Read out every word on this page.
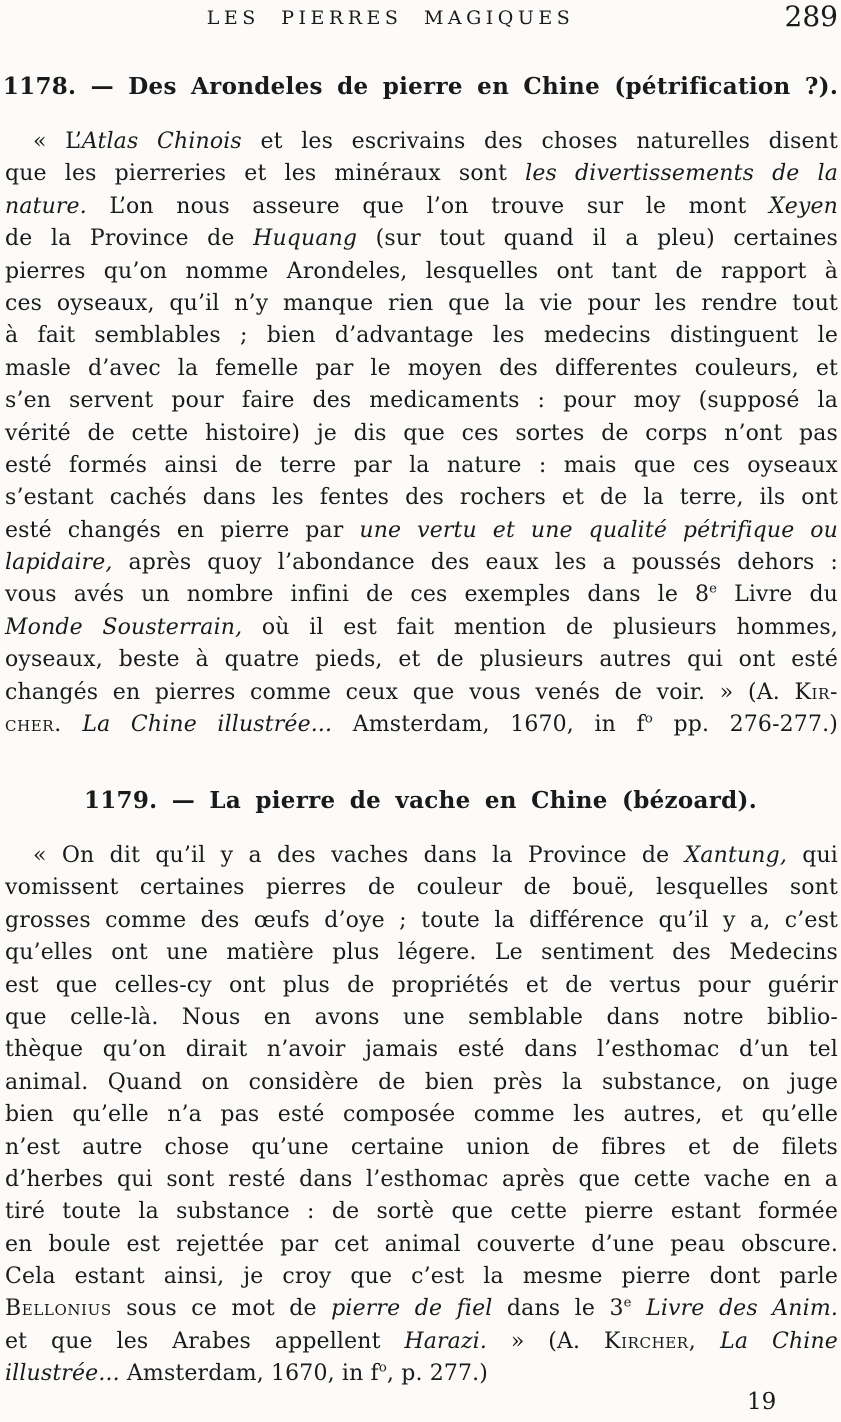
LES PIERRES MAGIQUES	289
1178. — Des Arondeles de pierre en Chine (pétrification ?).
« L’Atlas Chinois et les escrivains des choses naturelles disent
que les pierreries et les minéraux sont les divertissements de la
nature. L’on nous asseure que l’on trouve sur le mont Xeyen
de la Province de Huquang (sur tout quand il a pleu) certaines
pierres qu’on nomme Arondeles, lesquelles ont tant de rapport à
ces oyseaux, qu’il n’y manque rien que la vie pour les rendre tout
à fait semblables ; bien d’advantage les medecins distinguent le
masle d’avec la femelle par le moyen des differentes couleurs, et
s’en servent pour faire des medicaments : pour moy (supposé la
vérité de cette histoire) je dis que ces sortes de corps n’ont pas
esté formés ainsi de terre par la nature : mais que ces oyseaux
s’estant cachés dans les fentes des rochers et de la terre, ils ont
esté changés en pierre par une vertu et une qualité pétrifique ou
lapidaire, après quoy l’abondance des eaux les a poussés dehors :
vous avés un nombre infini de ces exemples dans le 8e Livre du
Monde Sousterrain, où il est fait mention de plusieurs hommes,
oyseaux, beste à quatre pieds, et de plusieurs autres qui ont esté
changés en pierres comme ceux que vous venés de voir. » (A. Kir-
cher. La Chine illustrée... Amsterdam, 1670, in $f^o$ pp. 276-277.)
1179. — La pierre de vache en Chine (bézoard).
« On dit qu’il y a des vaches dans la Province de Xantung, qui
vomissent certaines pierres de couleur de bouë, lesquelles sont
grosses comme des œufs d’oye ; toute la différence qu’il y a, c’est
qu’elles ont une matière plus légere. Le sentiment des Medecins
est que celles-cy ont plus de propriétés et de vertus pour guérir
que celle-là. Nous en avons une semblable dans notre biblio-
thèque qu’on dirait n’avoir jamais esté dans l’esthomac d’un tel
animal. Quand on considère de bien près la substance, on juge
bien qu’elle n’a pas esté composée comme les autres, et qu’elle
n’est autre chose qu’une certaine union de fibres et de filets
d’herbes qui sont resté dans l’esthomac après que cette vache en a
tiré toute la substance : de sortè que cette pierre estant formée
en boule est rejettée par cet animal couverte d’une peau obscure.
Cela estant ainsi, je croy que c’est la mesme pierre dont parle
Bellonius sous ce mot de pierre de fiel dans le 3e Livre des Anim.
et que les Arabes appellent Harazi. » (A. Kircher, La Chine
illustrée... Amsterdam, 1670, in $f^o$, p. 277.)
19
